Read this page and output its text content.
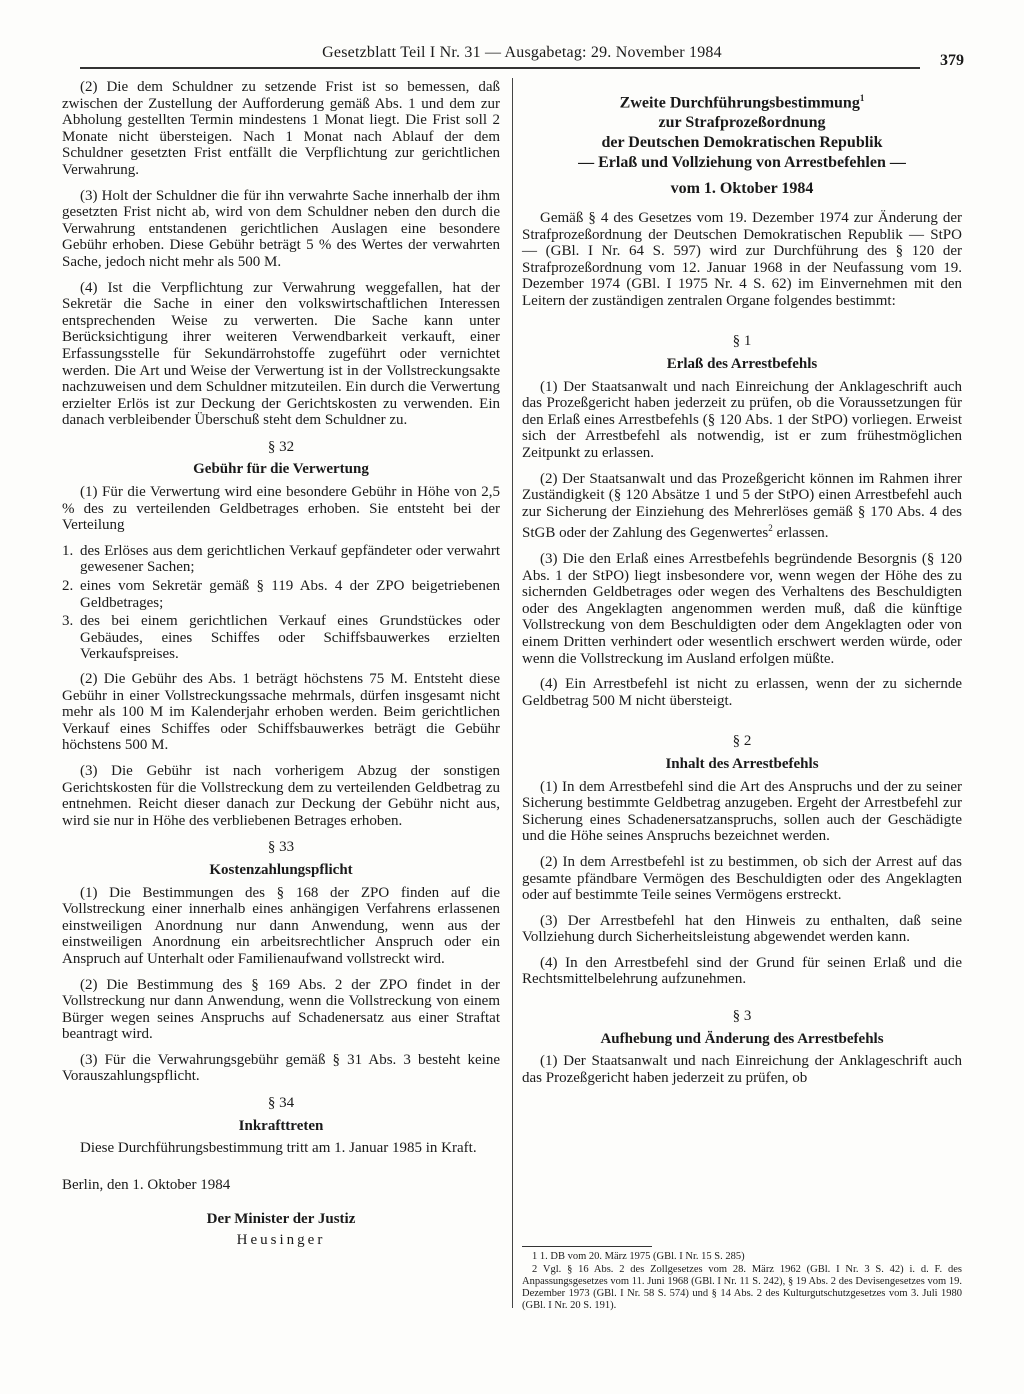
Gesetzblatt Teil I Nr. 31 — Ausgabetag: 29. November 1984	379

(2) Die dem Schuldner zu setzende Frist ist so bemessen, daß zwischen der Zustellung der Aufforderung gemäß Abs. 1 und dem zur Abholung gestellten Termin mindestens 1 Monat liegt. Die Frist soll 2 Monate nicht übersteigen. Nach 1 Monat nach Ablauf der dem Schuldner gesetzten Frist entfällt die Verpflichtung zur gerichtlichen Verwahrung.

(3) Holt der Schuldner die für ihn verwahrte Sache innerhalb der ihm gesetzten Frist nicht ab, wird von dem Schuldner neben den durch die Verwahrung entstandenen gerichtlichen Auslagen eine besondere Gebühr erhoben. Diese Gebühr beträgt 5 % des Wertes der verwahrten Sache, jedoch nicht mehr als 500 M.

(4) Ist die Verpflichtung zur Verwahrung weggefallen, hat der Sekretär die Sache in einer den volkswirtschaftlichen Interessen entsprechenden Weise zu verwerten. Die Sache kann unter Berücksichtigung ihrer weiteren Verwendbarkeit verkauft, einer Erfassungsstelle für Sekundärrohstoffe zugeführt oder vernichtet werden. Die Art und Weise der Verwertung ist in der Vollstreckungsakte nachzuweisen und dem Schuldner mitzuteilen. Ein durch die Verwertung erzielter Erlös ist zur Deckung der Gerichtskosten zu verwenden. Ein danach verbleibender Überschuß steht dem Schuldner zu.

§ 32
Gebühr für die Verwertung

(1) Für die Verwertung wird eine besondere Gebühr in Höhe von 2,5 % des zu verteilenden Geldbetrages erhoben. Sie entsteht bei der Verteilung

1. des Erlöses aus dem gerichtlichen Verkauf gepfändeter oder verwahrt gewesener Sachen;
2. eines vom Sekretär gemäß § 119 Abs. 4 der ZPO beigetriebenen Geldbetrages;
3. des bei einem gerichtlichen Verkauf eines Grundstückes oder Gebäudes, eines Schiffes oder Schiffsbauwerkes erzielten Verkaufspreises.

(2) Die Gebühr des Abs. 1 beträgt höchstens 75 M. Entsteht diese Gebühr in einer Vollstreckungssache mehrmals, dürfen insgesamt nicht mehr als 100 M im Kalenderjahr erhoben werden. Beim gerichtlichen Verkauf eines Schiffes oder Schiffsbauwerkes beträgt die Gebühr höchstens 500 M.

(3) Die Gebühr ist nach vorherigem Abzug der sonstigen Gerichtskosten für die Vollstreckung dem zu verteilenden Geldbetrag zu entnehmen. Reicht dieser danach zur Deckung der Gebühr nicht aus, wird sie nur in Höhe des verbliebenen Betrages erhoben.

§ 33
Kostenzahlungspflicht

(1) Die Bestimmungen des § 168 der ZPO finden auf die Vollstreckung einer innerhalb eines anhängigen Verfahrens erlassenen einstweiligen Anordnung nur dann Anwendung, wenn aus der einstweiligen Anordnung ein arbeitsrechtlicher Anspruch oder ein Anspruch auf Unterhalt oder Familienaufwand vollstreckt wird.

(2) Die Bestimmung des § 169 Abs. 2 der ZPO findet in der Vollstreckung nur dann Anwendung, wenn die Vollstreckung von einem Bürger wegen seines Anspruchs auf Schadenersatz aus einer Straftat beantragt wird.

(3) Für die Verwahrungsgebühr gemäß § 31 Abs. 3 besteht keine Vorauszahlungspflicht.

§ 34
Inkrafttreten

Diese Durchführungsbestimmung tritt am 1. Januar 1985 in Kraft.

Berlin, den 1. Oktober 1984
Der Minister der Justiz
Heusinger

Zweite Durchführungsbestimmung$^1$

zur Strafprozeßordnung

der Deutschen Demokratischen Republik

— Erlaß und Vollziehung von Arrestbefehlen —

vom 1. Oktober 1984

Gemäß § 4 des Gesetzes vom 19. Dezember 1974 zur Änderung der Strafprozeßordnung der Deutschen Demokratischen Republik — StPO — (GBl. I Nr. 64 S. 597) wird zur Durchführung des § 120 der Strafprozeßordnung vom 12. Januar 1968 in der Neufassung vom 19. Dezember 1974 (GBl. I 1975 Nr. 4 S. 62) im Einvernehmen mit den Leitern der zuständigen zentralen Organe folgendes bestimmt:

§ 1
Erlaß des Arrestbefehls

(1) Der Staatsanwalt und nach Einreichung der Anklageschrift auch das Prozeßgericht haben jederzeit zu prüfen, ob die Voraussetzungen für den Erlaß eines Arrestbefehls (§ 120 Abs. 1 der StPO) vorliegen. Erweist sich der Arrestbefehl als notwendig, ist er zum frühestmöglichen Zeitpunkt zu erlassen.

(2) Der Staatsanwalt und das Prozeßgericht können im Rahmen ihrer Zuständigkeit (§ 120 Absätze 1 und 5 der StPO) einen Arrestbefehl auch zur Sicherung der Einziehung des Mehrerlöses gemäß § 170 Abs. 4 des StGB oder der Zahlung des Gegenwertes$^2$ erlassen.

(3) Die den Erlaß eines Arrestbefehls begründende Besorgnis (§ 120 Abs. 1 der StPO) liegt insbesondere vor, wenn wegen der Höhe des zu sichernden Geldbetrages oder wegen des Verhaltens des Beschuldigten oder des Angeklagten angenommen werden muß, daß die künftige Vollstreckung von dem Beschuldigten oder dem Angeklagten oder von einem Dritten verhindert oder wesentlich erschwert werden würde, oder wenn die Vollstreckung im Ausland erfolgen müßte.

(4) Ein Arrestbefehl ist nicht zu erlassen, wenn der zu sichernde Geldbetrag 500 M nicht übersteigt.

§ 2
Inhalt des Arrestbefehls

(1) In dem Arrestbefehl sind die Art des Anspruchs und der zu seiner Sicherung bestimmte Geldbetrag anzugeben. Ergeht der Arrestbefehl zur Sicherung eines Schadenersatzanspruchs, sollen auch der Geschädigte und die Höhe seines Anspruchs bezeichnet werden.

(2) In dem Arrestbefehl ist zu bestimmen, ob sich der Arrest auf das gesamte pfändbare Vermögen des Beschuldigten oder des Angeklagten oder auf bestimmte Teile seines Vermögens erstreckt.

(3) Der Arrestbefehl hat den Hinweis zu enthalten, daß seine Vollziehung durch Sicherheitsleistung abgewendet werden kann.

(4) In den Arrestbefehl sind der Grund für seinen Erlaß und die Rechtsmittelbelehrung aufzunehmen.

§ 3
Aufhebung und Änderung des Arrestbefehls

(1) Der Staatsanwalt und nach Einreichung der Anklageschrift auch das Prozeßgericht haben jederzeit zu prüfen, ob

1 1. DB vom 20. März 1975 (GBl. I Nr. 15 S. 285)

2 Vgl. § 16 Abs. 2 des Zollgesetzes vom 28. März 1962 (GBl. I Nr. 3 S. 42) i. d. F. des Anpassungsgesetzes vom 11. Juni 1968 (GBl. I Nr. 11 S. 242), § 19 Abs. 2 des Devisengesetzes vom 19. Dezember 1973 (GBl. I Nr. 58 S. 574) und § 14 Abs. 2 des Kulturgutschutzgesetzes vom 3. Juli 1980 (GBl. I Nr. 20 S. 191).
